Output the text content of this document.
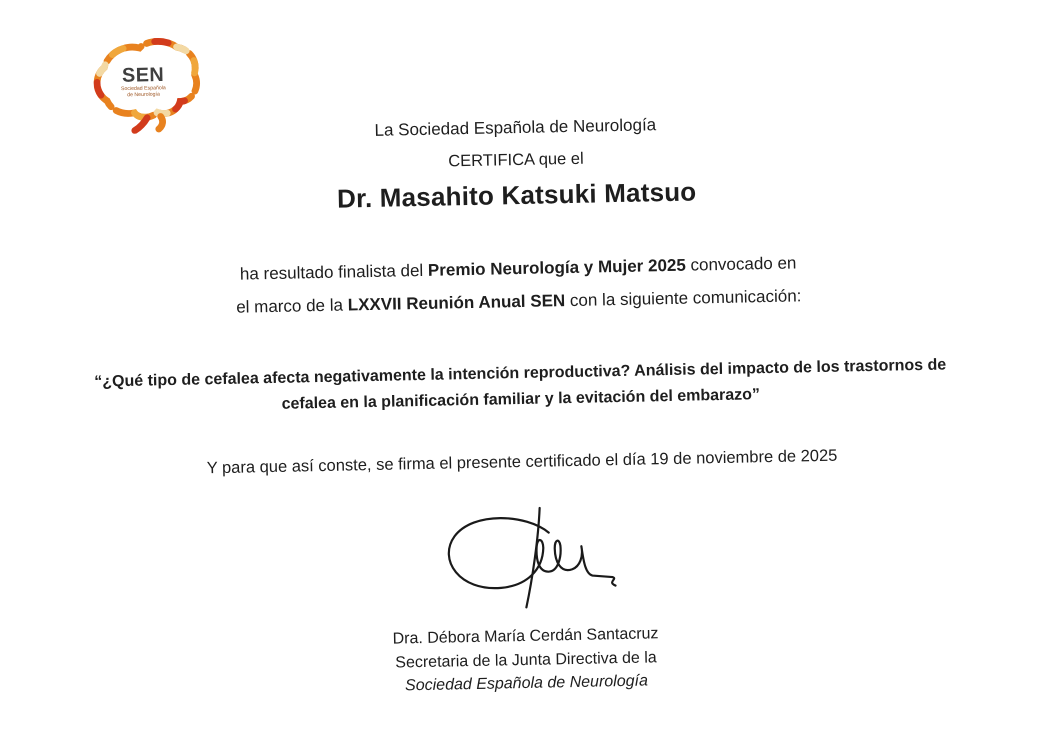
SEN
Sociedad Española
de Neurología
La Sociedad Española de Neurología
CERTIFICA que el
Dr. Masahito Katsuki Matsuo
ha resultado finalista del Premio Neurología y Mujer 2025 convocado en
el marco de la LXXVII Reunión Anual SEN con la siguiente comunicación:
“¿Qué tipo de cefalea afecta negativamente la intención reproductiva? Análisis del impacto de los trastornos de cefalea en la planificación familiar y la evitación del embarazo”
Y para que así conste, se firma el presente certificado el día 19 de noviembre de 2025
Dra. Débora María Cerdán Santacruz
Secretaria de la Junta Directiva de la
Sociedad Española de Neurología
